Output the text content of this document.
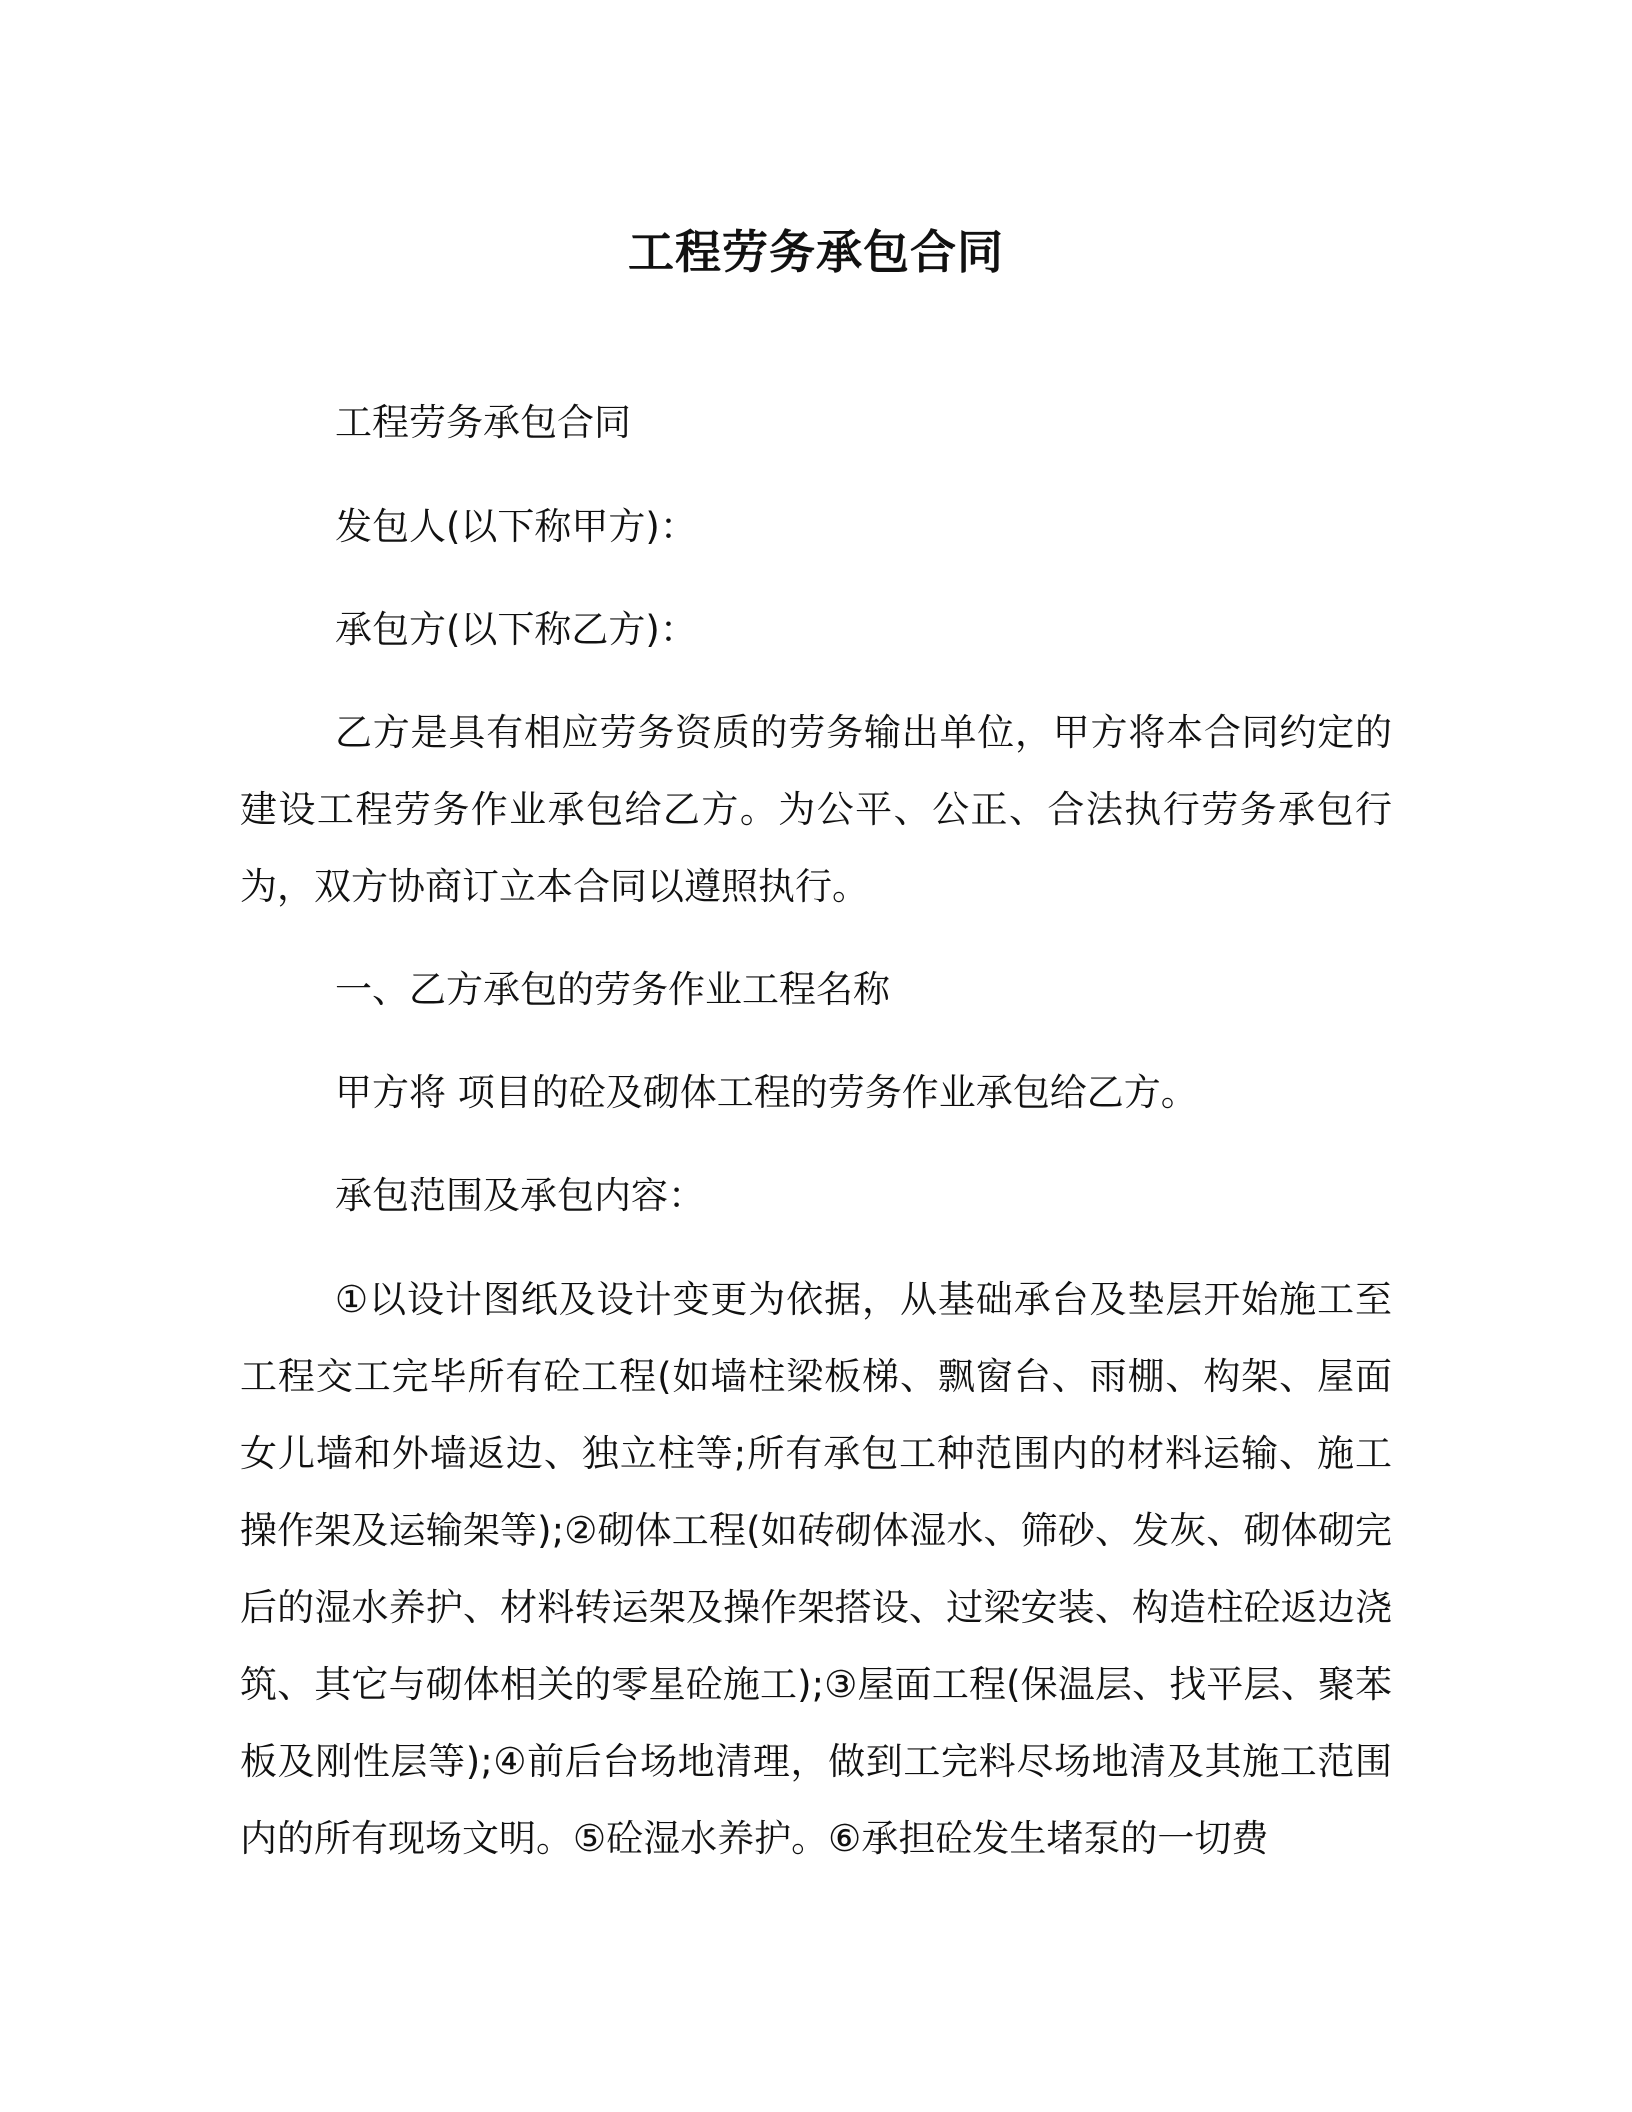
工程劳务承包合同

工程劳务承包合同

发包人(以下称甲方)：

承包方(以下称乙方)：

乙方是具有相应劳务资质的劳务输出单位，甲方将本合同约定的建设工程劳务作业承包给乙方。为公平、公正、合法执行劳务承包行为，双方协商订立本合同以遵照执行。

一、乙方承包的劳务作业工程名称

甲方将 项目的砼及砌体工程的劳务作业承包给乙方。

承包范围及承包内容：

①以设计图纸及设计变更为依据，从基础承台及垫层开始施工至工程交工完毕所有砼工程(如墙柱梁板梯、飘窗台、雨棚、构架、屋面女儿墙和外墙返边、独立柱等;所有承包工种范围内的材料运输、施工操作架及运输架等);②砌体工程(如砖砌体湿水、筛砂、发灰、砌体砌完后的湿水养护、材料转运架及操作架搭设、过梁安装、构造柱砼返边浇筑、其它与砌体相关的零星砼施工);③屋面工程(保温层、找平层、聚苯板及刚性层等);④前后台场地清理，做到工完料尽场地清及其施工范围内的所有现场文明。⑤砼湿水养护。⑥承担砼发生堵泵的一切费
